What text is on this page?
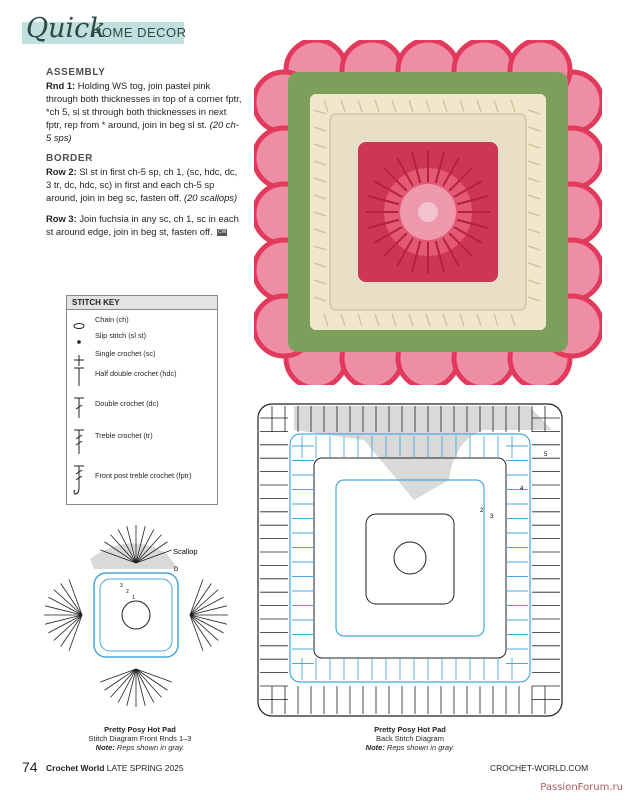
Quick
HOME DECOR

ASSEMBLY

Rnd 1: Holding WS tog, join pastel pink through both thicknesses in top of a corner fptr, *ch 5, sl st through both thicknesses in next fptr, rep from * around, join in beg sl st. (20 ch-5 sps)

BORDER

Row 2: Sl st in first ch-5 sp, ch 1, (sc, hdc, dc, 3 tr, dc, hdc, sc) in first and each ch-5 sp around, join in beg sc, fasten off. (20 scallops)

Row 3: Join fuchsia in any sc, ch 1, sc in each st around edge, join in beg st, fasten off. CW

STITCH KEY
Chain (ch)
Slip stitch (sl st)
Single crochet (sc)
Half double crochet (hdc)
Double crochet (dc)
Treble crochet (tr)
Front post treble crochet (fptr)
2
3
4
5
Scallop
1
2
3
D
Pretty Posy Hot Pad
Stitch Diagram Front Rnds 1–3
Note: Reps shown in gray.
Pretty Posy Hot Pad
Back Stitch Diagram
Note: Reps shown in gray.
74 Crochet World LATE SPRING 2025	CROCHET-WORLD.COM
PassionForum.ru
